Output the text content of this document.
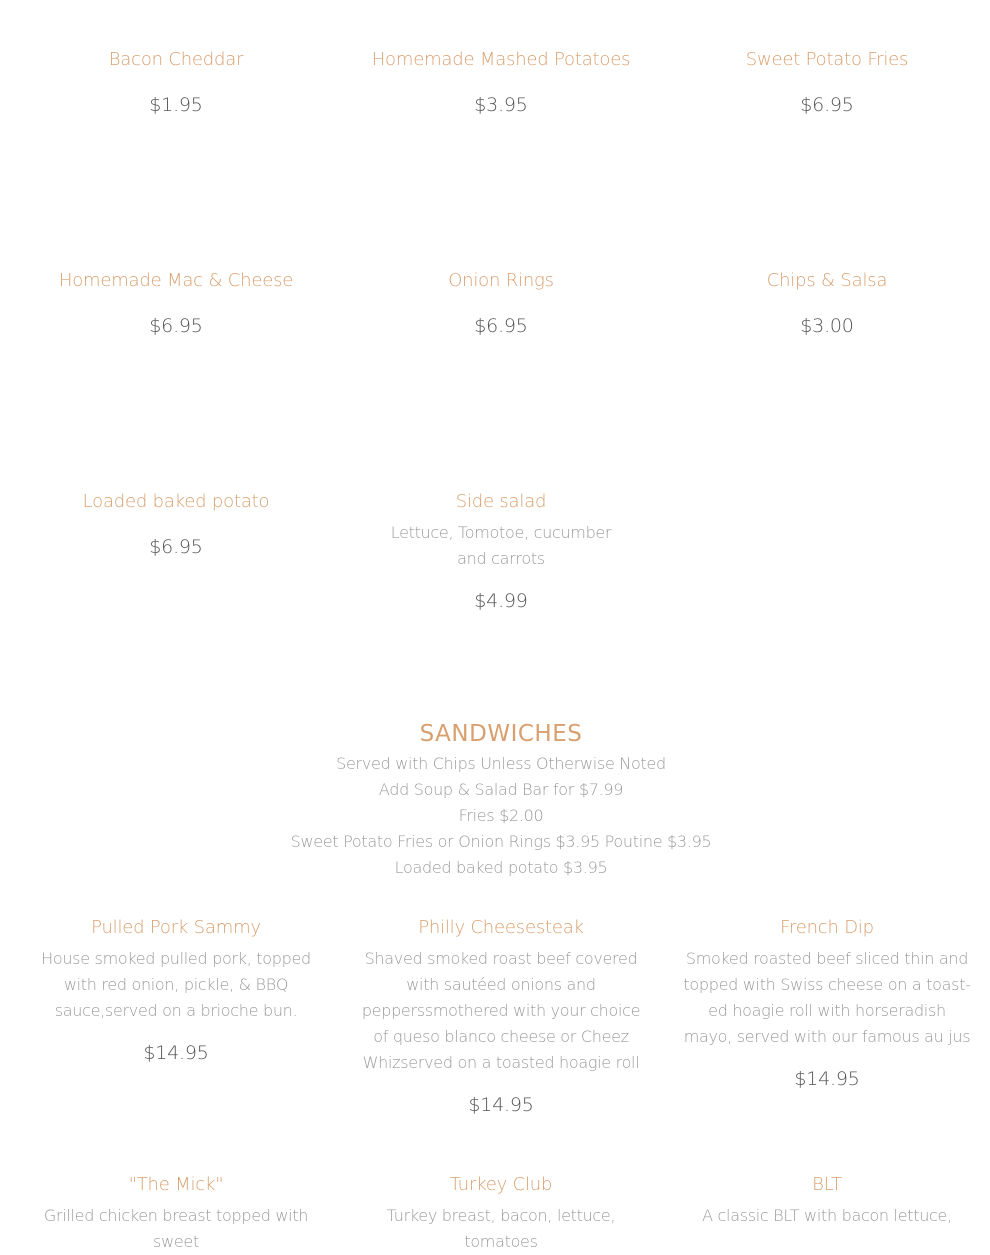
Bacon Cheddar

$1.95

Homemade Mashed Potatoes

$3.95

Sweet Potato Fries

$6.95

Homemade Mac & Cheese

$6.95

Onion Rings

$6.95

Chips & Salsa

$3.00

Loaded baked potato

$6.95

Side salad

Lettuce, Tomotoe, cucumber and carrots

$4.99

SANDWICHES
Served with Chips Unless Otherwise Noted
Add Soup & Salad Bar for $7.99
Fries $2.00
Sweet Potato Fries or Onion Rings $3.95 Poutine $3.95
Loaded baked potato $3.95

Pulled Pork Sammy

House smoked pulled pork, topped with red onion, pickle, & BBQ sauce,served on a brioche bun.

$14.95

Philly Cheesesteak

Shaved smoked roast beef covered with sautéed onions and pepperssmothered with your choice of queso blanco cheese or Cheez Whizserved on a toasted hoagie roll

$14.95

French Dip

Smoked roasted beef sliced thin and topped with Swiss cheese on a toast-ed hoagie roll with horseradish mayo, served with our famous au jus

$14.95

"The Mick"

Grilled chicken breast topped with sweet

Turkey Club

Turkey breast, bacon, lettuce, tomatoes

BLT

A classic BLT with bacon lettuce,
